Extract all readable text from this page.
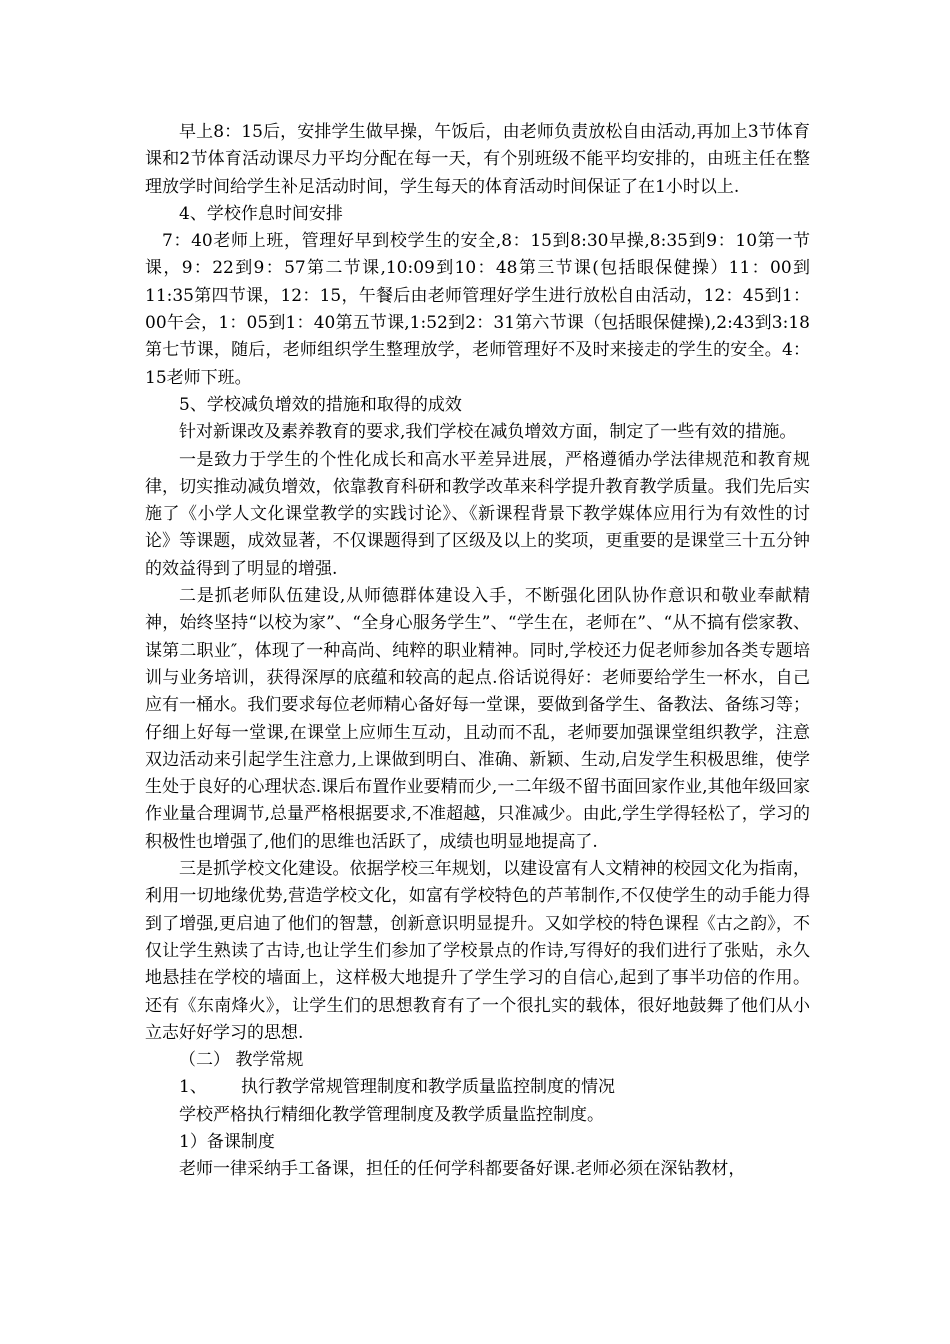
早上8：15后，安排学生做早操，午饭后，由老师负责放松自由活动,再加上3节体育课和2节体育活动课尽力平均分配在每一天，有个别班级不能平均安排的，由班主任在整理放学时间给学生补足活动时间，学生每天的体育活动时间保证了在1小时以上.

4、学校作息时间安排

7：40老师上班，管理好早到校学生的安全,8：15到8:30早操,8:35到9：10第一节课，9：22到9：57第二节课,10:09到10：48第三节课(包括眼保健操）11：00到11:35第四节课，12：15，午餐后由老师管理好学生进行放松自由活动，12：45到1：00午会，1：05到1：40第五节课,1:52到2：31第六节课（包括眼保健操),2:43到3:18第七节课，随后，老师组织学生整理放学，老师管理好不及时来接走的学生的安全。4：15老师下班。

5、学校减负增效的措施和取得的成效

针对新课改及素养教育的要求,我们学校在减负增效方面，制定了一些有效的措施。

一是致力于学生的个性化成长和高水平差异进展，严格遵循办学法律规范和教育规律，切实推动减负增效，依靠教育科研和教学改革来科学提升教育教学质量。我们先后实施了《小学人文化课堂教学的实践讨论》、《新课程背景下教学媒体应用行为有效性的讨论》等课题，成效显著，不仅课题得到了区级及以上的奖项，更重要的是课堂三十五分钟的效益得到了明显的增强.

二是抓老师队伍建设,从师德群体建设入手，不断强化团队协作意识和敬业奉献精神，始终坚持“以校为家”、“全身心服务学生”、“学生在，老师在”、“从不搞有偿家教、谋第二职业″，体现了一种高尚、纯粹的职业精神。同时,学校还力促老师参加各类专题培训与业务培训，获得深厚的底蕴和较高的起点.俗话说得好：老师要给学生一杯水，自己应有一桶水。我们要求每位老师精心备好每一堂课，要做到备学生、备教法、备练习等；仔细上好每一堂课,在课堂上应师生互动，且动而不乱，老师要加强课堂组织教学，注意双边活动来引起学生注意力,上课做到明白、准确、新颖、生动,启发学生积极思维，使学生处于良好的心理状态.课后布置作业要精而少,一二年级不留书面回家作业,其他年级回家作业量合理调节,总量严格根据要求,不准超越，只准减少。由此,学生学得轻松了，学习的积极性也增强了,他们的思维也活跃了，成绩也明显地提高了.

三是抓学校文化建设。依据学校三年规划，以建设富有人文精神的校园文化为指南，利用一切地缘优势,营造学校文化，如富有学校特色的芦苇制作,不仅使学生的动手能力得到了增强,更启迪了他们的智慧，创新意识明显提升。又如学校的特色课程《古之韵》，不仅让学生熟读了古诗,也让学生们参加了学校景点的作诗,写得好的我们进行了张贴，永久地悬挂在学校的墙面上，这样极大地提升了学生学习的自信心,起到了事半功倍的作用。还有《东南烽火》，让学生们的思想教育有了一个很扎实的载体，很好地鼓舞了他们从小立志好好学习的思想.

（二） 教学常规

1、 执行教学常规管理制度和教学质量监控制度的情况

学校严格执行精细化教学管理制度及教学质量监控制度。

1）备课制度

老师一律采纳手工备课，担任的任何学科都要备好课.老师必须在深钻教材，
